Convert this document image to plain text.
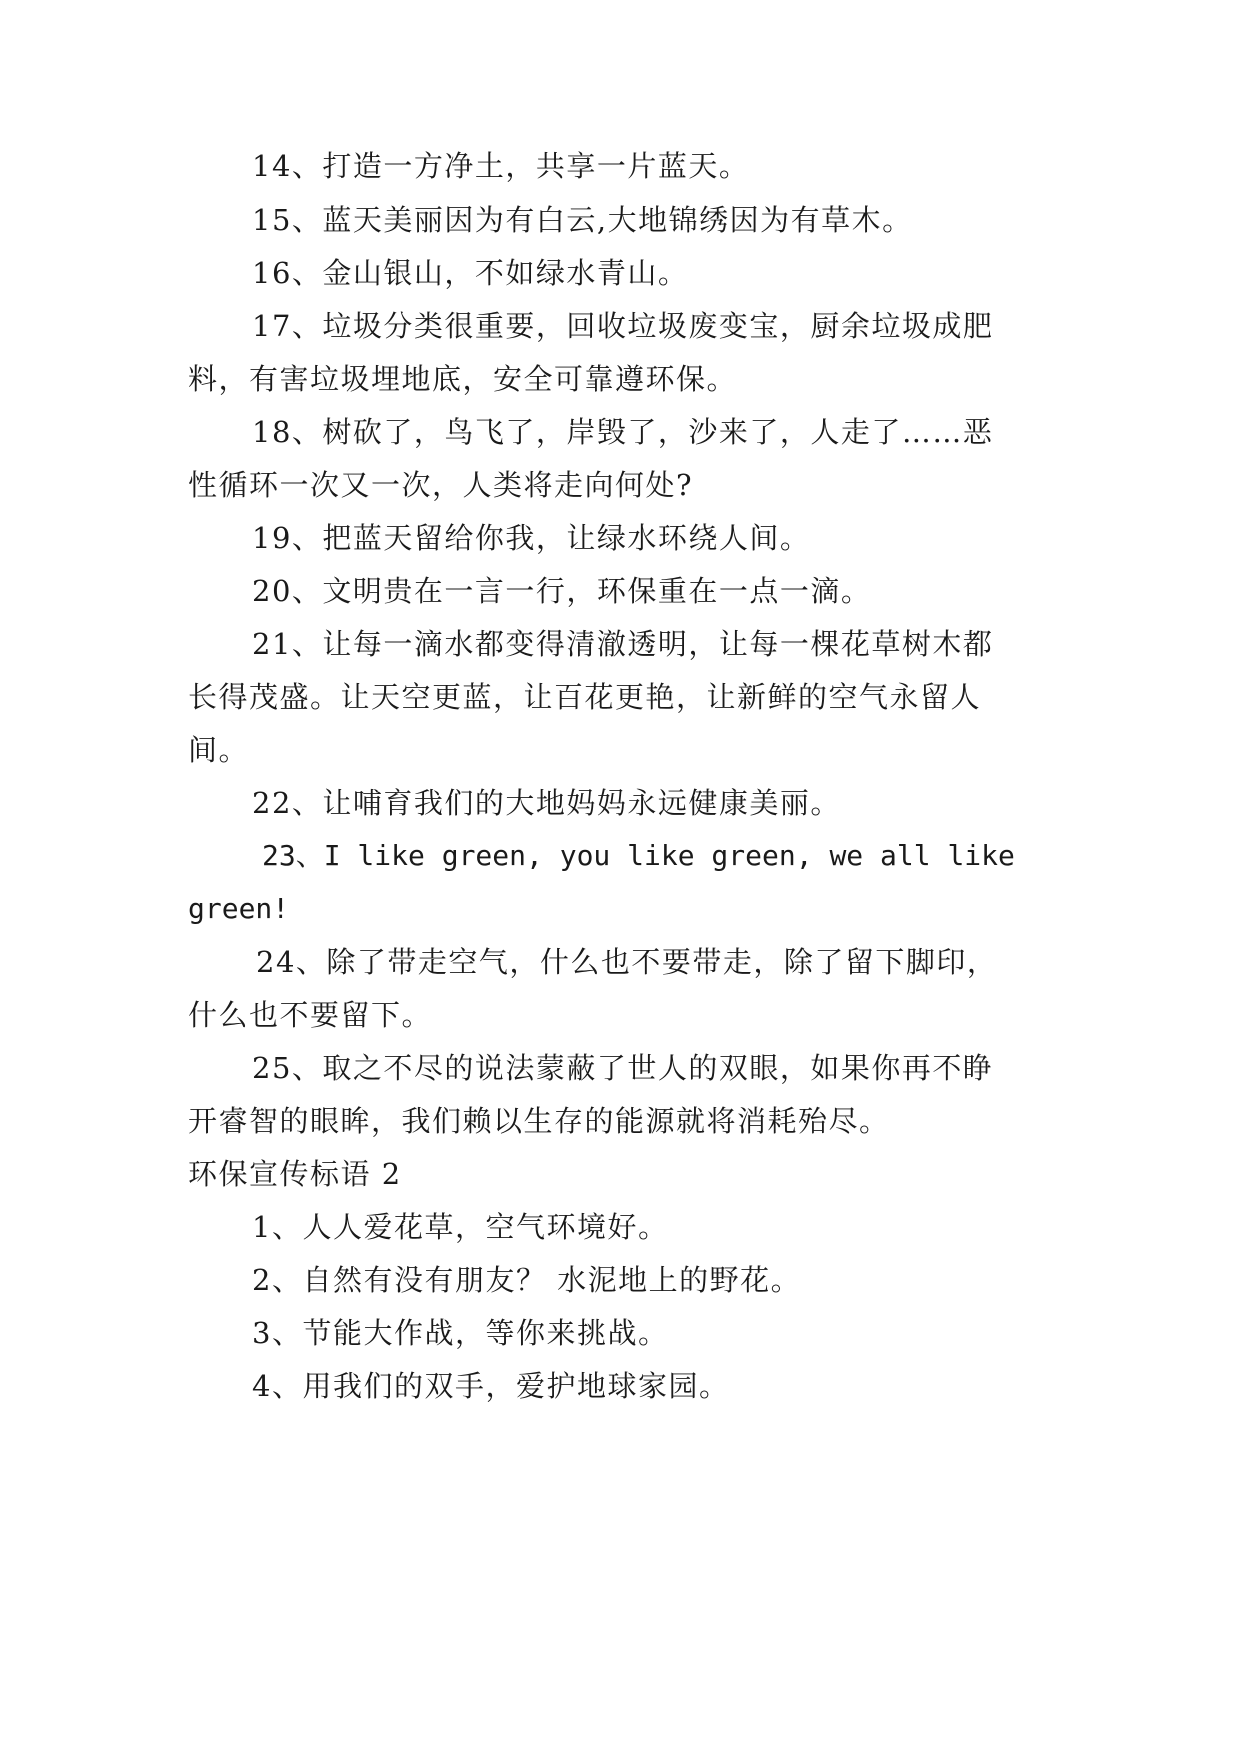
14、打造一方净土，共享一片蓝天。
15、蓝天美丽因为有白云,大地锦绣因为有草木。
16、金山银山，不如绿水青山。
17、垃圾分类很重要，回收垃圾废变宝，厨余垃圾成肥
料，有害垃圾埋地底，安全可靠遵环保。
18、树砍了，鸟飞了，岸毁了，沙来了，人走了……恶
性循环一次又一次，人类将走向何处?
19、把蓝天留给你我，让绿水环绕人间。
20、文明贵在一言一行，环保重在一点一滴。
21、让每一滴水都变得清澈透明，让每一棵花草树木都
长得茂盛。让天空更蓝，让百花更艳，让新鲜的空气永留人
间。
22、让哺育我们的大地妈妈永远健康美丽。
23、I like green, you like green, we all like
green!
24、除了带走空气，什么也不要带走，除了留下脚印，
什么也不要留下。
25、取之不尽的说法蒙蔽了世人的双眼，如果你再不睁
开睿智的眼眸，我们赖以生存的能源就将消耗殆尽。
环保宣传标语 2
1、人人爱花草，空气环境好。
2、自然有没有朋友？ 水泥地上的野花。
3、节能大作战，等你来挑战。
4、用我们的双手，爱护地球家园。
